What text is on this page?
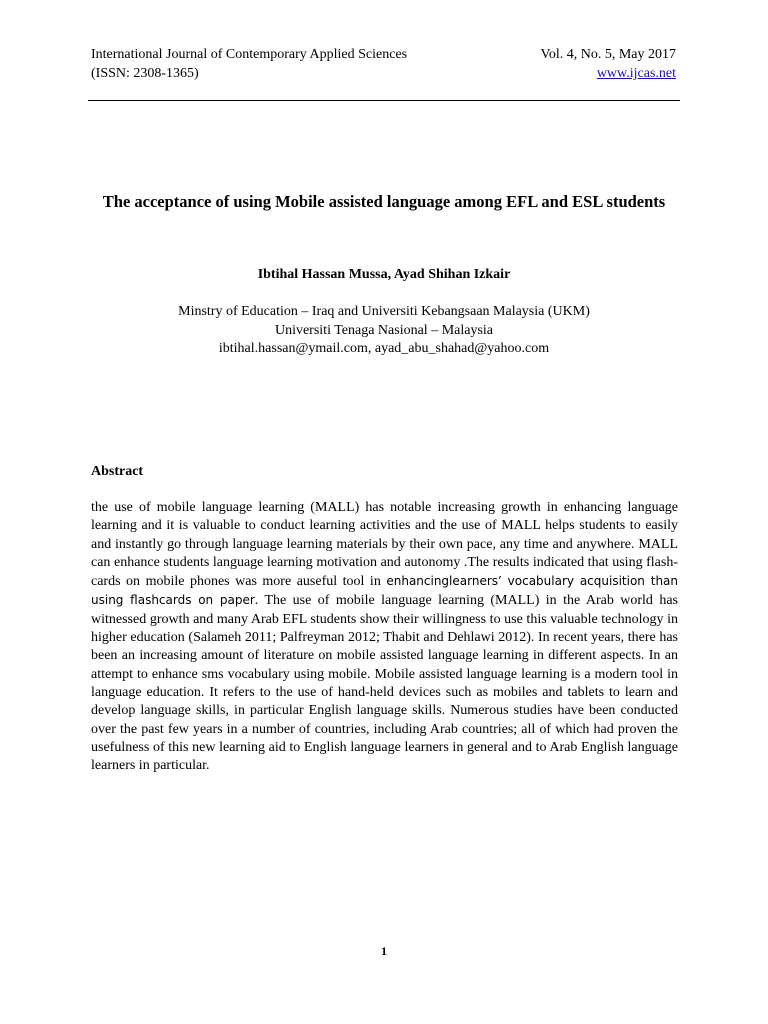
International Journal of Contemporary Applied Sciences
(ISSN: 2308-1365)
Vol. 4, No. 5, May 2017
www.ijcas.net
The acceptance of using Mobile assisted language among EFL and ESL students
Ibtihal Hassan Mussa, Ayad Shihan Izkair
Minstry of Education – Iraq and Universiti Kebangsaan Malaysia (UKM)
Universiti Tenaga Nasional – Malaysia
ibtihal.hassan@ymail.com, ayad_abu_shahad@yahoo.com
Abstract
the use of mobile language learning (MALL) has notable increasing growth in enhancing language learning and it is valuable to conduct learning activities and the use of MALL helps students to easily and instantly go through language learning materials by their own pace, any time and anywhere. MALL can enhance students language learning motivation and autonomy .The results indicated that using flash-cards on mobile phones was more auseful tool in enhancinglearners’ vocabulary acquisition than using flashcards on paper. The use of mobile language learning (MALL) in the Arab world has witnessed growth and many Arab EFL students show their willingness to use this valuable technology in higher education (Salameh 2011; Palfreyman 2012; Thabit and Dehlawi 2012). In recent years, there has been an increasing amount of literature on mobile assisted language learning in different aspects. In an attempt to enhance sms vocabulary using mobile. Mobile assisted language learning is a modern tool in language education. It refers to the use of hand-held devices such as mobiles and tablets to learn and develop language skills, in particular English language skills. Numerous studies have been conducted over the past few years in a number of countries, including Arab countries; all of which had proven the usefulness of this new learning aid to English language learners in general and to Arab English language learners in particular.
1
